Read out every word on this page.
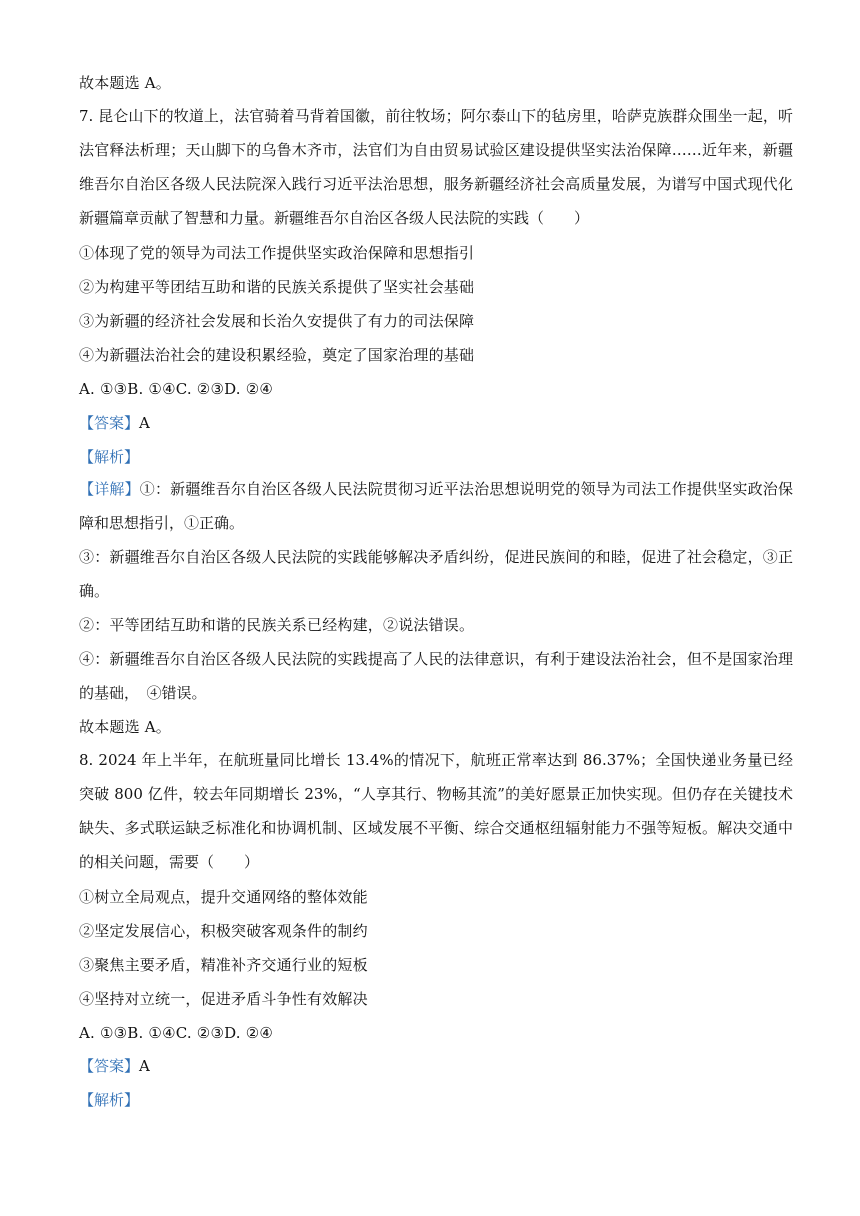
故本题选 A。
7. 昆仑山下的牧道上，法官骑着马背着国徽，前往牧场；阿尔泰山下的毡房里，哈萨克族群众围坐一起，听法官释法析理；天山脚下的乌鲁木齐市，法官们为自由贸易试验区建设提供坚实法治保障……近年来，新疆维吾尔自治区各级人民法院深入践行习近平法治思想，服务新疆经济社会高质量发展，为谱写中国式现代化新疆篇章贡献了智慧和力量。新疆维吾尔自治区各级人民法院的实践（　　）
①体现了党的领导为司法工作提供坚实政治保障和思想指引
②为构建平等团结互助和谐的民族关系提供了坚实社会基础
③为新疆的经济社会发展和长治久安提供了有力的司法保障
④为新疆法治社会的建设积累经验，奠定了国家治理的基础
A. ①③B. ①④C. ②③D. ②④
【答案】A
【解析】
【详解】①：新疆维吾尔自治区各级人民法院贯彻习近平法治思想说明党的领导为司法工作提供坚实政治保障和思想指引，①正确。
③：新疆维吾尔自治区各级人民法院的实践能够解决矛盾纠纷，促进民族间的和睦，促进了社会稳定，③正确。
②：平等团结互助和谐的民族关系已经构建，②说法错误。
④：新疆维吾尔自治区各级人民法院的实践提高了人民的法律意识，有利于建设法治社会，但不是国家治理的基础，　④错误。
故本题选 A。
8. 2024 年上半年，在航班量同比增长 13.4%的情况下，航班正常率达到 86.37%；全国快递业务量已经突破 800 亿件，较去年同期增长 23%，“人享其行、物畅其流”的美好愿景正加快实现。但仍存在关键技术缺失、多式联运缺乏标准化和协调机制、区域发展不平衡、综合交通枢纽辐射能力不强等短板。解决交通中的相关问题，需要（　　）
①树立全局观点，提升交通网络的整体效能
②坚定发展信心，积极突破客观条件的制约
③聚焦主要矛盾，精准补齐交通行业的短板
④坚持对立统一，促进矛盾斗争性有效解决
A. ①③B. ①④C. ②③D. ②④
【答案】A
【解析】
